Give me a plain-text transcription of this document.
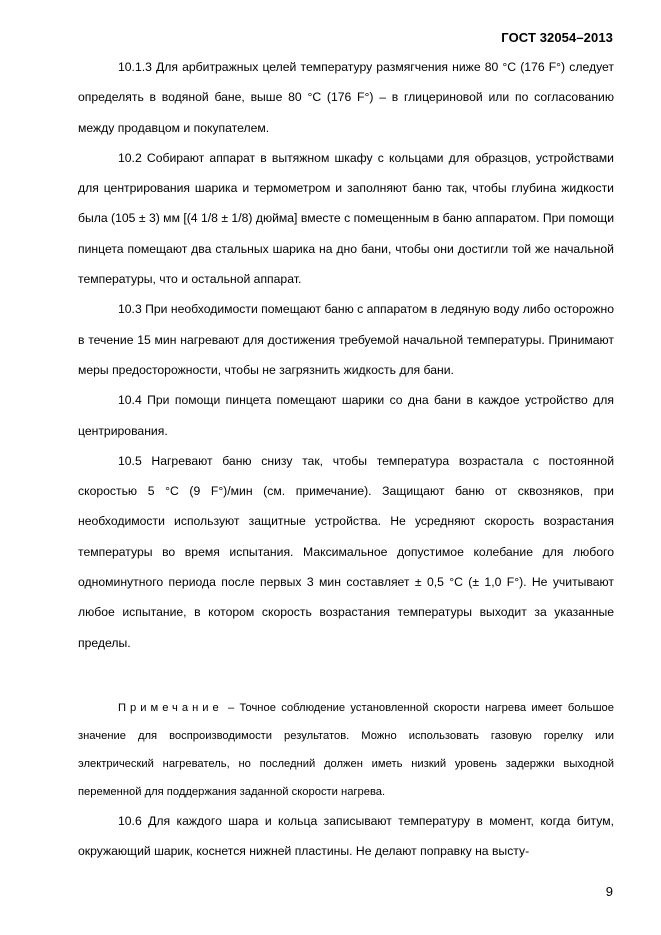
ГОСТ 32054–2013

10.1.3 Для арбитражных целей температуру размягчения ниже 80 °С (176 F°) следует определять в водяной бане, выше 80 °С (176 F°) – в глицериновой или по согласованию между продавцом и покупателем.

10.2 Собирают аппарат в вытяжном шкафу с кольцами для образцов, устройствами для центрирования шарика и термометром и заполняют баню так, чтобы глубина жидкости была (105 ± 3) мм [(4 1/8 ± 1/8) дюйма] вместе с помещенным в баню аппаратом. При помощи пинцета помещают два стальных шарика на дно бани, чтобы они достигли той же начальной температуры, что и остальной аппарат.

10.3 При необходимости помещают баню с аппаратом в ледяную воду либо осторожно в течение 15 мин нагревают для достижения требуемой начальной температуры. Принимают меры предосторожности, чтобы не загрязнить жидкость для бани.

10.4 При помощи пинцета помещают шарики со дна бани в каждое устройство для центрирования.

10.5 Нагревают баню снизу так, чтобы температура возрастала с постоянной скоростью 5 °С (9 F°)/мин (см. примечание). Защищают баню от сквозняков, при необходимости используют защитные устройства. Не усредняют скорость возрастания температуры во время испытания. Максимальное допустимое колебание для любого одноминутного периода после первых 3 мин составляет ± 0,5 °С (± 1,0 F°). Не учитывают любое испытание, в котором скорость возрастания температуры выходит за указанные пределы.

Примечание – Точное соблюдение установленной скорости нагрева имеет большое значение для воспроизводимости результатов. Можно использовать газовую горелку или электрический нагреватель, но последний должен иметь низкий уровень задержки выходной переменной для поддержания заданной скорости нагрева.

10.6 Для каждого шара и кольца записывают температуру в момент, когда битум, окружающий шарик, коснется нижней пластины. Не делают поправку на высту-

9
